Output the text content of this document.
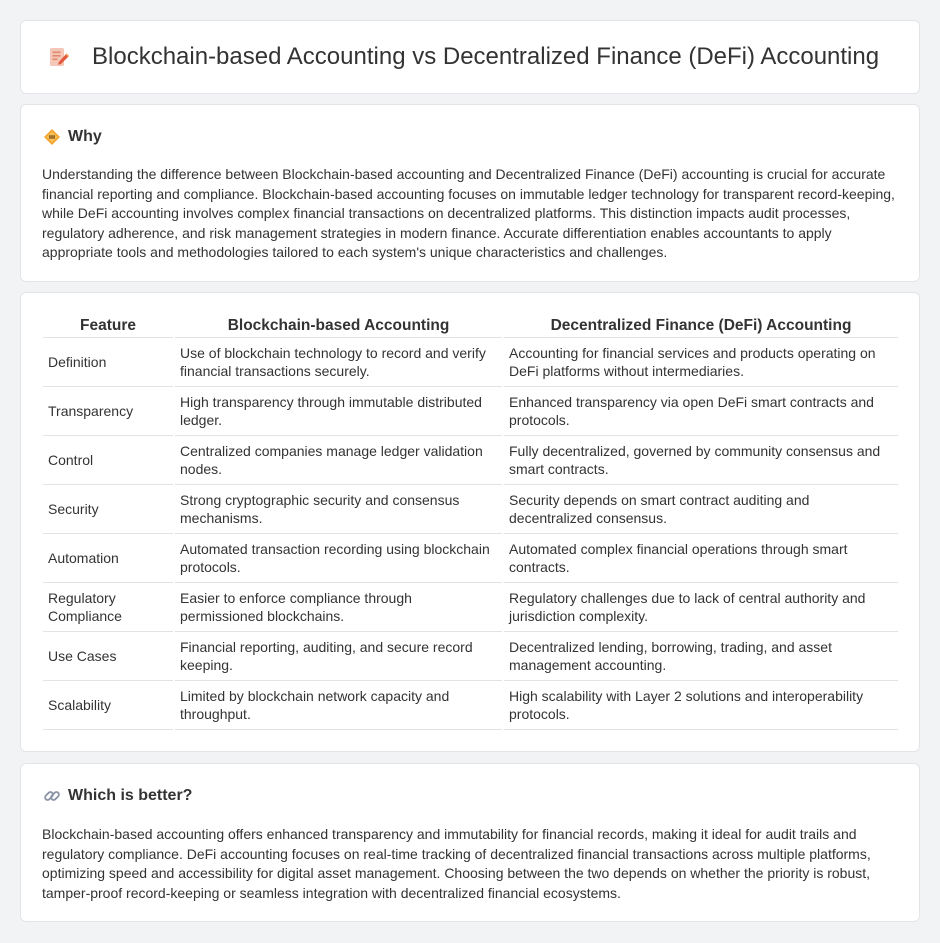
Blockchain-based Accounting vs Decentralized Finance (DeFi) Accounting
Why

Understanding the difference between Blockchain-based accounting and Decentralized Finance (DeFi) accounting is crucial for accurate financial reporting and compliance. Blockchain-based accounting focuses on immutable ledger technology for transparent record-keeping, while DeFi accounting involves complex financial transactions on decentralized platforms. This distinction impacts audit processes, regulatory adherence, and risk management strategies in modern finance. Accurate differentiation enables accountants to apply appropriate tools and methodologies tailored to each system's unique characteristics and challenges.

Feature	Blockchain-based Accounting	Decentralized Finance (DeFi) Accounting
Definition	Use of blockchain technology to record and verify financial transactions securely.	Accounting for financial services and products operating on DeFi platforms without intermediaries.
Transparency	High transparency through immutable distributed ledger.	Enhanced transparency via open DeFi smart contracts and protocols.
Control	Centralized companies manage ledger validation nodes.	Fully decentralized, governed by community consensus and smart contracts.
Security	Strong cryptographic security and consensus mechanisms.	Security depends on smart contract auditing and decentralized consensus.
Automation	Automated transaction recording using blockchain protocols.	Automated complex financial operations through smart contracts.
Regulatory Compliance	Easier to enforce compliance through permissioned blockchains.	Regulatory challenges due to lack of central authority and jurisdiction complexity.
Use Cases	Financial reporting, auditing, and secure record keeping.	Decentralized lending, borrowing, trading, and asset management accounting.
Scalability	Limited by blockchain network capacity and throughput.	High scalability with Layer 2 solutions and interoperability protocols.
Which is better?

Blockchain-based accounting offers enhanced transparency and immutability for financial records, making it ideal for audit trails and regulatory compliance. DeFi accounting focuses on real-time tracking of decentralized financial transactions across multiple platforms, optimizing speed and accessibility for digital asset management. Choosing between the two depends on whether the priority is robust, tamper-proof record-keeping or seamless integration with decentralized financial ecosystems.
